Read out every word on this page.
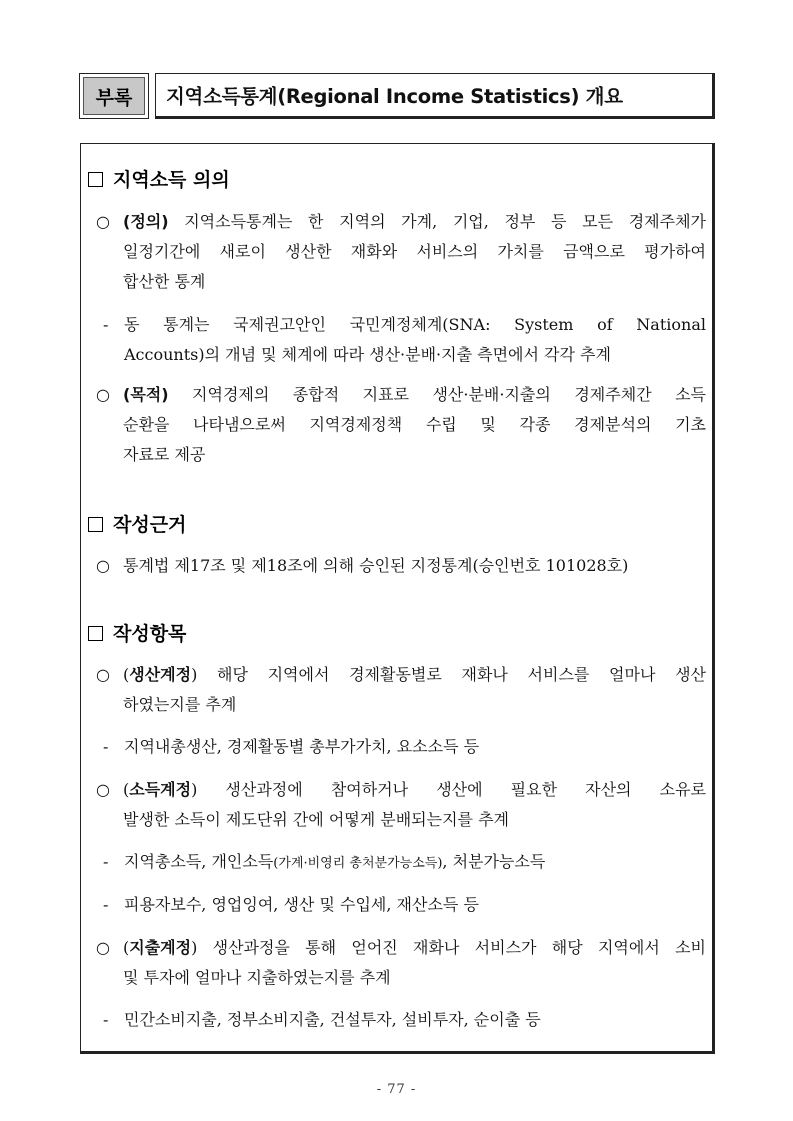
부록	지역소득통계(Regional Income Statistics) 개요
지역소득 의의
○ (정의) 지역소득통계는 한 지역의 가계, 기업, 정부 등 모든 경제주체가
일정기간에 새로이 생산한 재화와 서비스의 가치를 금액으로 평가하여
합산한 통계
- 동 통계는 국제권고안인 국민계정체계(SNA: System of National
Accounts)의 개념 및 체계에 따라 생산·분배·지출 측면에서 각각 추계
○ (목적) 지역경제의 종합적 지표로 생산·분배·지출의 경제주체간 소득
순환을 나타냄으로써 지역경제정책 수립 및 각종 경제분석의 기초
자료로 제공
작성근거
○ 통계법 제17조 및 제18조에 의해 승인된 지정통계(승인번호 101028호)
작성항목
○ (생산계정) 해당 지역에서 경제활동별로 재화나 서비스를 얼마나 생산
하였는지를 추계
- 지역내총생산, 경제활동별 총부가가치, 요소소득 등
○ (소득계정) 생산과정에 참여하거나 생산에 필요한 자산의 소유로
발생한 소득이 제도단위 간에 어떻게 분배되는지를 추계
- 지역총소득, 개인소득(가계·비영리 총처분가능소득), 처분가능소득
- 피용자보수, 영업잉여, 생산 및 수입세, 재산소득 등
○ (지출계정) 생산과정을 통해 얻어진 재화나 서비스가 해당 지역에서 소비
및 투자에 얼마나 지출하였는지를 추계
- 민간소비지출, 정부소비지출, 건설투자, 설비투자, 순이출 등
- 77 -
